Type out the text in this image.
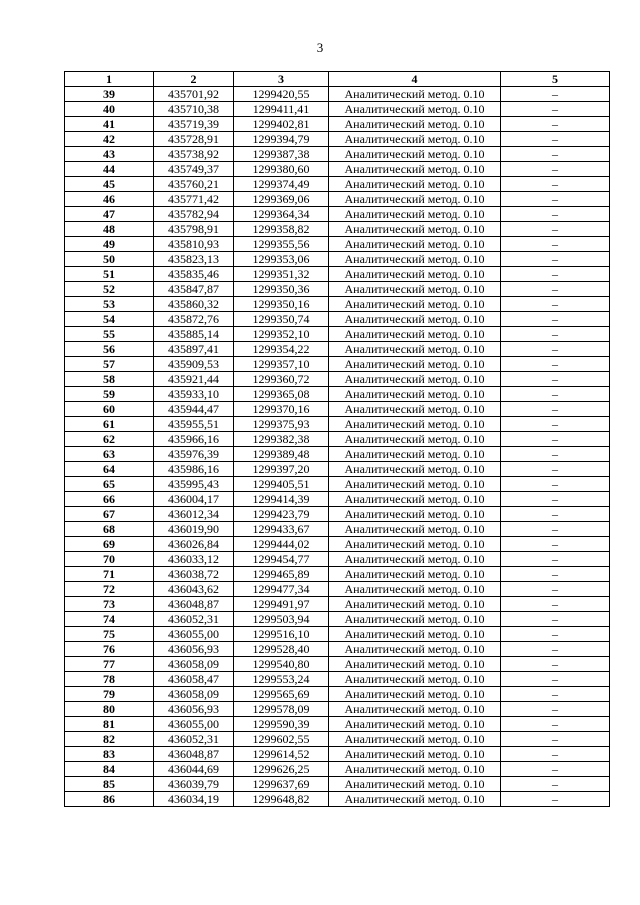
3
1	2	3	4	5
39	435701,92	1299420,55	Аналитический метод. 0.10	–
40	435710,38	1299411,41	Аналитический метод. 0.10	–
41	435719,39	1299402,81	Аналитический метод. 0.10	–
42	435728,91	1299394,79	Аналитический метод. 0.10	–
43	435738,92	1299387,38	Аналитический метод. 0.10	–
44	435749,37	1299380,60	Аналитический метод. 0.10	–
45	435760,21	1299374,49	Аналитический метод. 0.10	–
46	435771,42	1299369,06	Аналитический метод. 0.10	–
47	435782,94	1299364,34	Аналитический метод. 0.10	–
48	435798,91	1299358,82	Аналитический метод. 0.10	–
49	435810,93	1299355,56	Аналитический метод. 0.10	–
50	435823,13	1299353,06	Аналитический метод. 0.10	–
51	435835,46	1299351,32	Аналитический метод. 0.10	–
52	435847,87	1299350,36	Аналитический метод. 0.10	–
53	435860,32	1299350,16	Аналитический метод. 0.10	–
54	435872,76	1299350,74	Аналитический метод. 0.10	–
55	435885,14	1299352,10	Аналитический метод. 0.10	–
56	435897,41	1299354,22	Аналитический метод. 0.10	–
57	435909,53	1299357,10	Аналитический метод. 0.10	–
58	435921,44	1299360,72	Аналитический метод. 0.10	–
59	435933,10	1299365,08	Аналитический метод. 0.10	–
60	435944,47	1299370,16	Аналитический метод. 0.10	–
61	435955,51	1299375,93	Аналитический метод. 0.10	–
62	435966,16	1299382,38	Аналитический метод. 0.10	–
63	435976,39	1299389,48	Аналитический метод. 0.10	–
64	435986,16	1299397,20	Аналитический метод. 0.10	–
65	435995,43	1299405,51	Аналитический метод. 0.10	–
66	436004,17	1299414,39	Аналитический метод. 0.10	–
67	436012,34	1299423,79	Аналитический метод. 0.10	–
68	436019,90	1299433,67	Аналитический метод. 0.10	–
69	436026,84	1299444,02	Аналитический метод. 0.10	–
70	436033,12	1299454,77	Аналитический метод. 0.10	–
71	436038,72	1299465,89	Аналитический метод. 0.10	–
72	436043,62	1299477,34	Аналитический метод. 0.10	–
73	436048,87	1299491,97	Аналитический метод. 0.10	–
74	436052,31	1299503,94	Аналитический метод. 0.10	–
75	436055,00	1299516,10	Аналитический метод. 0.10	–
76	436056,93	1299528,40	Аналитический метод. 0.10	–
77	436058,09	1299540,80	Аналитический метод. 0.10	–
78	436058,47	1299553,24	Аналитический метод. 0.10	–
79	436058,09	1299565,69	Аналитический метод. 0.10	–
80	436056,93	1299578,09	Аналитический метод. 0.10	–
81	436055,00	1299590,39	Аналитический метод. 0.10	–
82	436052,31	1299602,55	Аналитический метод. 0.10	–
83	436048,87	1299614,52	Аналитический метод. 0.10	–
84	436044,69	1299626,25	Аналитический метод. 0.10	–
85	436039,79	1299637,69	Аналитический метод. 0.10	–
86	436034,19	1299648,82	Аналитический метод. 0.10	–
